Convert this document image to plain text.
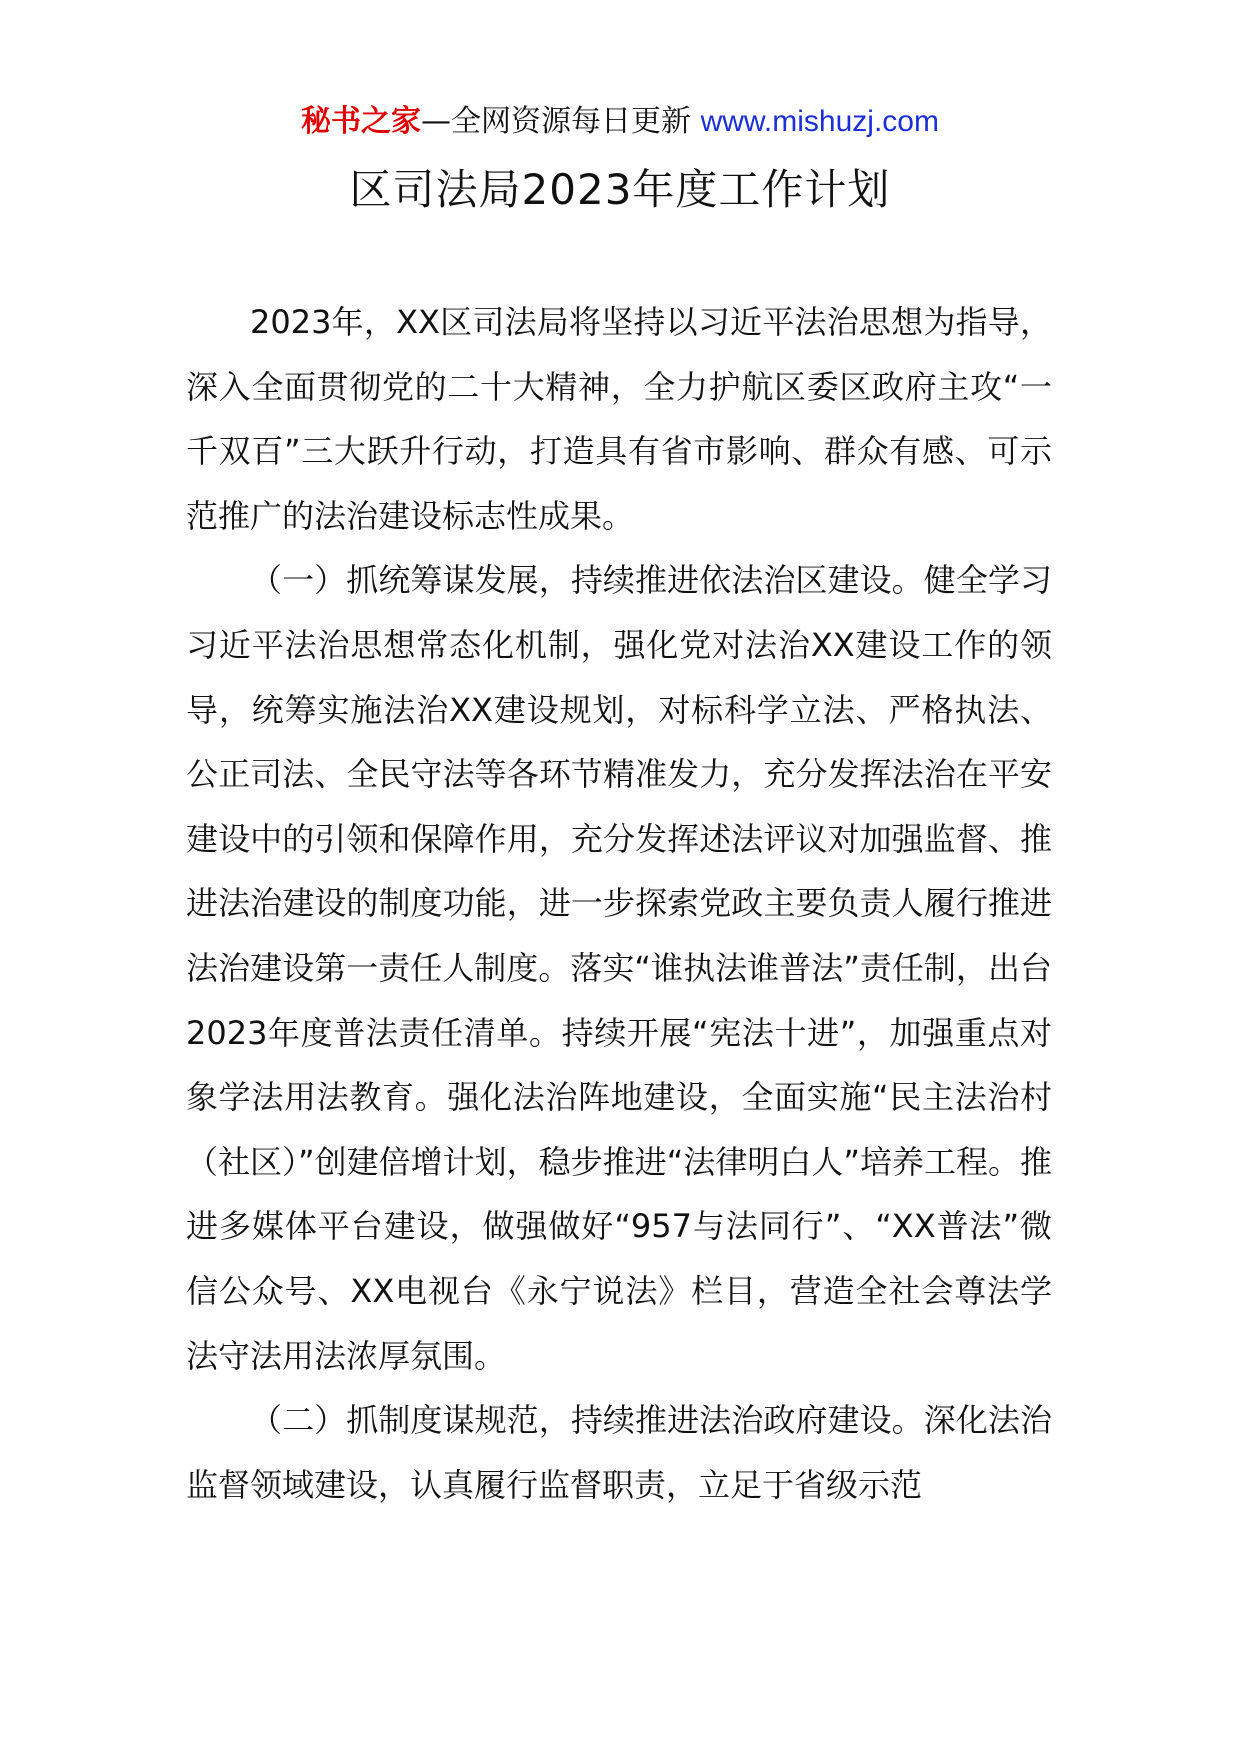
秘书之家—全网资源每日更新 www.mishuzj.com
区司法局2023年度工作计划

2023年，XX区司法局将坚持以习近平法治思想为指导，深入全面贯彻党的二十大精神，全力护航区委区政府主攻“一千双百”三大跃升行动，打造具有省市影响、群众有感、可示范推广的法治建设标志性成果。

（一）抓统筹谋发展，持续推进依法治区建设。健全学习习近平法治思想常态化机制，强化党对法治XX建设工作的领导，统筹实施法治XX建设规划，对标科学立法、严格执法、公正司法、全民守法等各环节精准发力，充分发挥法治在平安建设中的引领和保障作用，充分发挥述法评议对加强监督、推进法治建设的制度功能，进一步探索党政主要负责人履行推进法治建设第一责任人制度。落实“谁执法谁普法”责任制，出台2023年度普法责任清单。持续开展“宪法十进”，加强重点对象学法用法教育。强化法治阵地建设，全面实施“民主法治村（社区）”创建倍增计划，稳步推进“法律明白人”培养工程。推进多媒体平台建设，做强做好“957与法同行”、“XX普法”微信公众号、XX电视台《永宁说法》栏目，营造全社会尊法学法守法用法浓厚氛围。

（二）抓制度谋规范，持续推进法治政府建设。深化法治监督领域建设，认真履行监督职责，立足于省级示范
